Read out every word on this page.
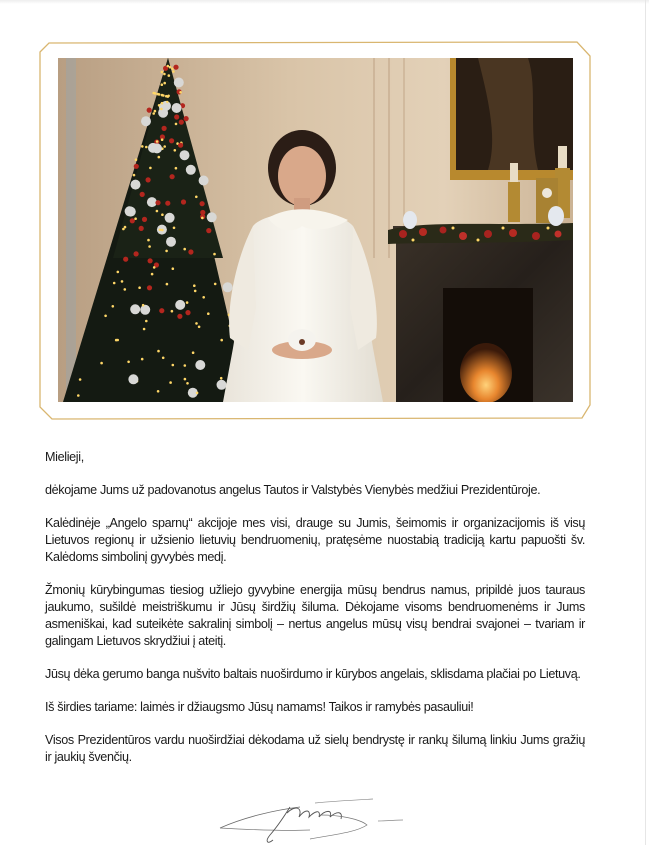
Mielieji,

dėkojame Jums už padovanotus angelus Tautos ir Valstybės Vienybės medžiui Prezidentūroje.

Kalėdinėje „Angelo sparnų“ akcijoje mes visi, drauge su Jumis, šeimomis ir organizacijomis iš visų Lietuvos regionų ir užsienio lietuvių bendruomenių, pratęsėme nuostabią tradiciją kartu papuošti šv. Kalėdoms simbolinį gyvybės medį.

Žmonių kūrybingumas tiesiog užliejo gyvybine energija mūsų bendrus namus, pripildė juos tauraus jaukumo, sušildė meistriškumu ir Jūsų širdžių šiluma. Dėkojame visoms bendruomenėms ir Jums asmeniškai, kad suteikėte sakralinį simbolį – nertus angelus mūsų visų bendrai svajonei – tvariam ir galingam Lietuvos skrydžiui į ateitį.

Jūsų dėka gerumo banga nušvito baltais nuoširdumo ir kūrybos angelais, sklisdama plačiai po Lietuvą.

Iš širdies tariame: laimės ir džiaugsmo Jūsų namams! Taikos ir ramybės pasauliui!

Visos Prezidentūros vardu nuoširdžiai dėkodama už sielų bendrystę ir rankų šilumą linkiu Jums gražių ir jaukių švenčių.
